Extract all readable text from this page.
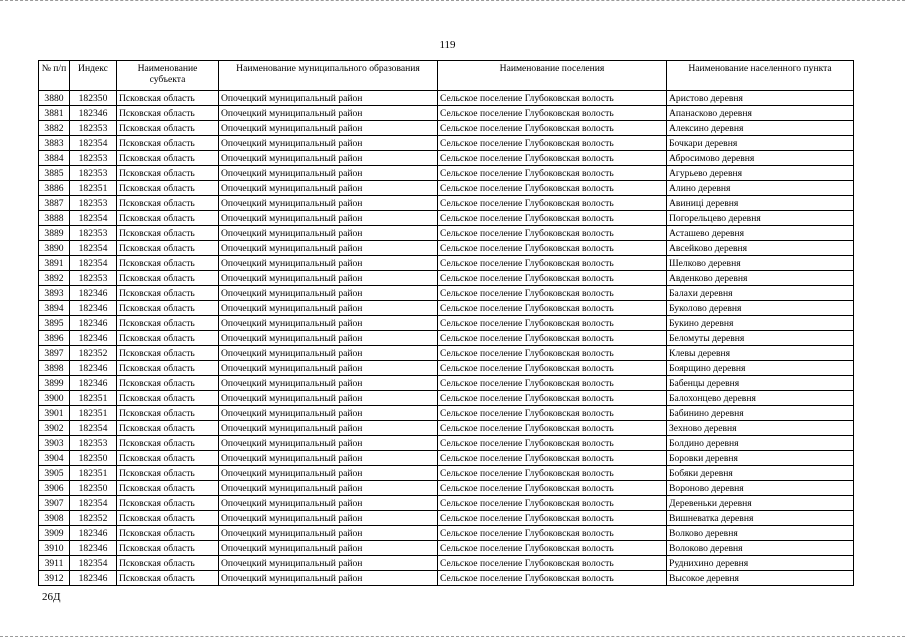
119
№ п/п	Индекс	Наименование субъекта	Наименование муниципального образования	Наименование поселения	Наименование населенного пункта
3880	182350	Псковская область	Опочецкий муниципальный район	Сельское поселение Глубоковская волость	Аристово деревня
3881	182346	Псковская область	Опочецкий муниципальный район	Сельское поселение Глубоковская волость	Апанасково деревня
3882	182353	Псковская область	Опочецкий муниципальный район	Сельское поселение Глубоковская волость	Алексино деревня
3883	182354	Псковская область	Опочецкий муниципальный район	Сельское поселение Глубоковская волость	Бочкари деревня
3884	182353	Псковская область	Опочецкий муниципальный район	Сельское поселение Глубоковская волость	Абросимово деревня
3885	182353	Псковская область	Опочецкий муниципальный район	Сельское поселение Глубоковская волость	Агурьево деревня
3886	182351	Псковская область	Опочецкий муниципальный район	Сельское поселение Глубоковская волость	Алино деревня
3887	182353	Псковская область	Опочецкий муниципальный район	Сельское поселение Глубоковская волость	Авиниці деревня
3888	182354	Псковская область	Опочецкий муниципальный район	Сельское поселение Глубоковская волость	Погорельцево деревня
3889	182353	Псковская область	Опочецкий муниципальный район	Сельское поселение Глубоковская волость	Асташево деревня
3890	182354	Псковская область	Опочецкий муниципальный район	Сельское поселение Глубоковская волость	Авсейково деревня
3891	182354	Псковская область	Опочецкий муниципальный район	Сельское поселение Глубоковская волость	Шелково деревня
3892	182353	Псковская область	Опочецкий муниципальный район	Сельское поселение Глубоковская волость	Авденково деревня
3893	182346	Псковская область	Опочецкий муниципальный район	Сельское поселение Глубоковская волость	Балахи деревня
3894	182346	Псковская область	Опочецкий муниципальный район	Сельское поселение Глубоковская волость	Буколово деревня
3895	182346	Псковская область	Опочецкий муниципальный район	Сельское поселение Глубоковская волость	Букино деревня
3896	182346	Псковская область	Опочецкий муниципальный район	Сельское поселение Глубоковская волость	Беломуты деревня
3897	182352	Псковская область	Опочецкий муниципальный район	Сельское поселение Глубоковская волость	Клевы деревня
3898	182346	Псковская область	Опочецкий муниципальный район	Сельское поселение Глубоковская волость	Боярщино деревня
3899	182346	Псковская область	Опочецкий муниципальный район	Сельское поселение Глубоковская волость	Бабенцы деревня
3900	182351	Псковская область	Опочецкий муниципальный район	Сельское поселение Глубоковская волость	Балохонцево деревня
3901	182351	Псковская область	Опочецкий муниципальный район	Сельское поселение Глубоковская волость	Бабинино деревня
3902	182354	Псковская область	Опочецкий муниципальный район	Сельское поселение Глубоковская волость	Зехново деревня
3903	182353	Псковская область	Опочецкий муниципальный район	Сельское поселение Глубоковская волость	Болдино деревня
3904	182350	Псковская область	Опочецкий муниципальный район	Сельское поселение Глубоковская волость	Боровки деревня
3905	182351	Псковская область	Опочецкий муниципальный район	Сельское поселение Глубоковская волость	Бобяки деревня
3906	182350	Псковская область	Опочецкий муниципальный район	Сельское поселение Глубоковская волость	Вороново деревня
3907	182354	Псковская область	Опочецкий муниципальный район	Сельское поселение Глубоковская волость	Деревеньки деревня
3908	182352	Псковская область	Опочецкий муниципальный район	Сельское поселение Глубоковская волость	Вишневатка деревня
3909	182346	Псковская область	Опочецкий муниципальный район	Сельское поселение Глубоковская волость	Волково деревня
3910	182346	Псковская область	Опочецкий муниципальный район	Сельское поселение Глубоковская волость	Волоково деревня
3911	182354	Псковская область	Опочецкий муниципальный район	Сельское поселение Глубоковская волость	Руднихино деревня
3912	182346	Псковская область	Опочецкий муниципальный район	Сельское поселение Глубоковская волость	Высокое деревня
26Д
